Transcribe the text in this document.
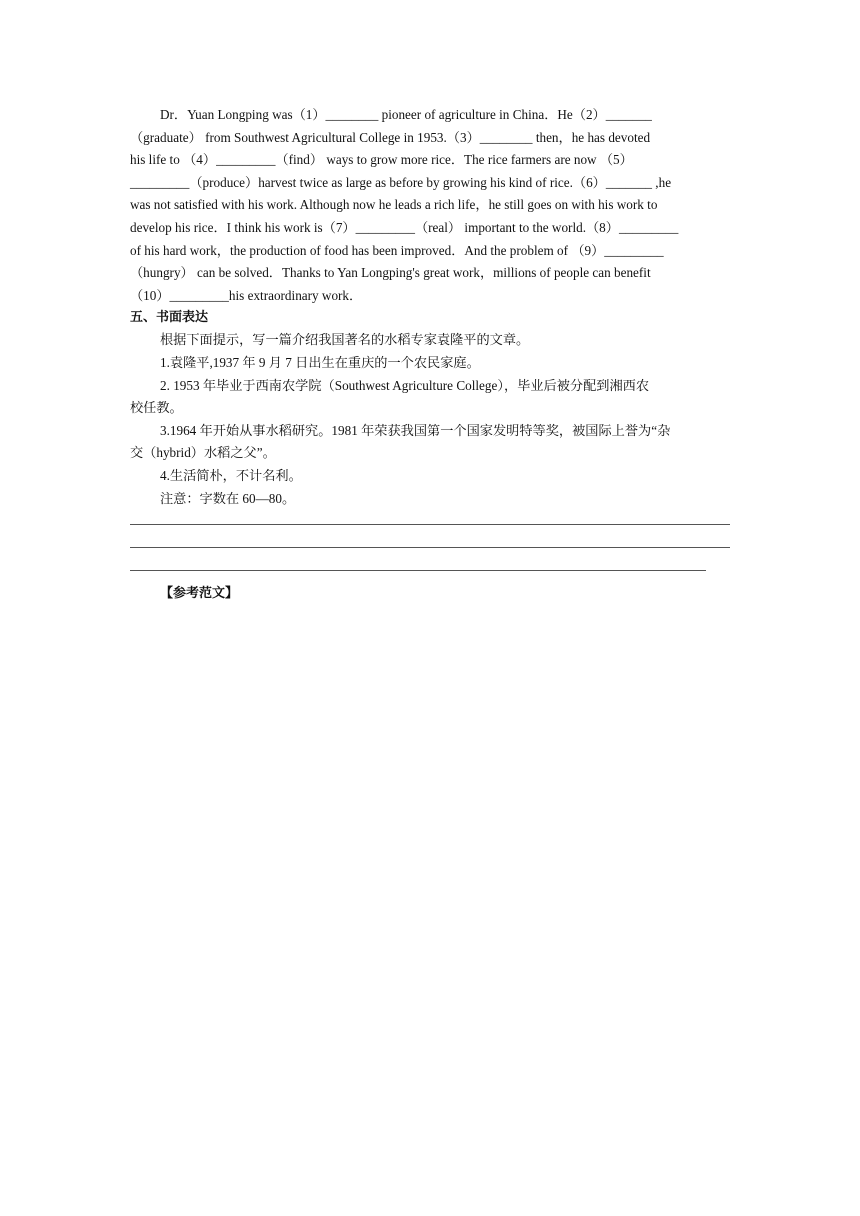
Dr．Yuan Longping was（1）________ pioneer of agriculture in China．He（2）_______

（graduate） from Southwest Agricultural College in 1953.（3）________ then，he has devoted

his life to （4）_________（find） ways to grow more rice．The rice farmers are now （5）

_________（produce）harvest twice as large as before by growing his kind of rice.（6）_______ ,he

was not satisfied with his work. Although now he leads a rich life，he still goes on with his work to

develop his rice．I think his work is（7）_________（real） important to the world.（8）_________

of his hard work，the production of food has been improved．And the problem of （9）_________

（hungry） can be solved．Thanks to Yan Longping's great work，millions of people can benefit

（10）_________his extraordinary work．

五、书面表达

根据下面提示，写一篇介绍我国著名的水稻专家袁隆平的文章。

1.袁隆平,1937 年 9 月 7 日出生在重庆的一个农民家庭。

2. 1953 年毕业于西南农学院（Southwest Agriculture College），毕业后被分配到湘西农

校任教。

3.1964 年开始从事水稻研究。1981 年荣获我国第一个国家发明特等奖，被国际上誉为“杂

交（hybrid）水稻之父”。

4.生活简朴，不计名利。

注意：字数在 60—80。

【参考范文】
